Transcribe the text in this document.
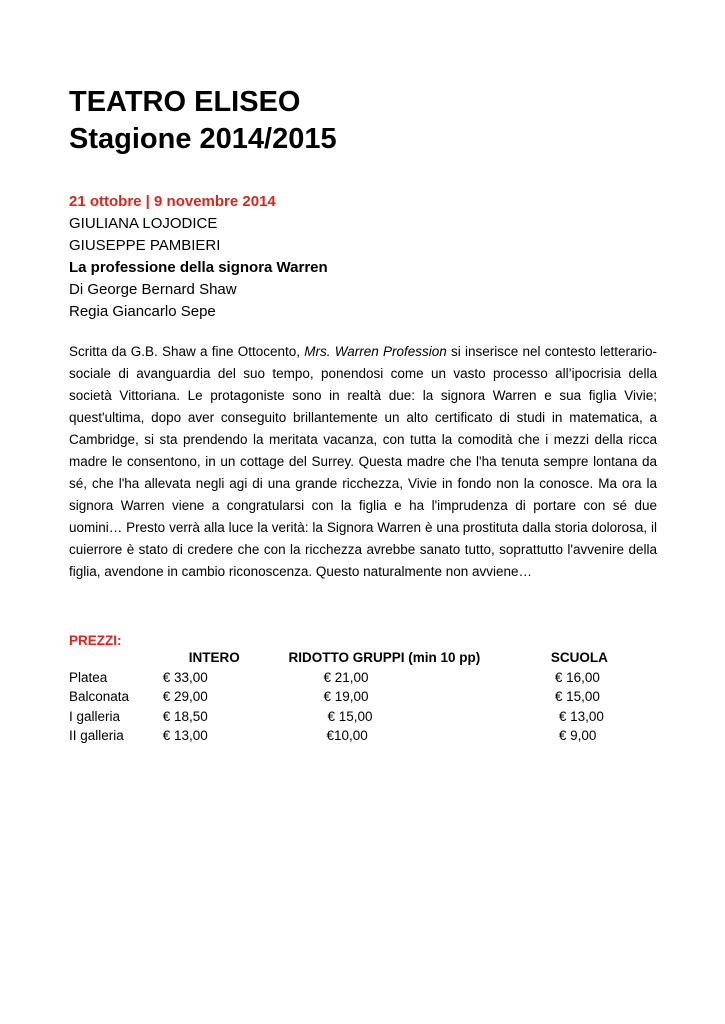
TEATRO ELISEO
Stagione 2014/2015
21 ottobre | 9 novembre 2014
GIULIANA LOJODICE
GIUSEPPE PAMBIERI
La professione della signora Warren
Di George Bernard Shaw
Regia Giancarlo Sepe

Scritta da G.B. Shaw a fine Ottocento, Mrs. Warren Profession si inserisce nel contesto letterario-sociale di avanguardia del suo tempo, ponendosi come un vasto processo all’ipocrisia della società Vittoriana. Le protagoniste sono in realtà due: la signora Warren e sua figlia Vivie; quest'ultima, dopo aver conseguito brillantemente un alto certificato di studi in matematica, a Cambridge, si sta prendendo la meritata vacanza, con tutta la comodità che i mezzi della ricca madre le consentono, in un cottage del Surrey. Questa madre che l'ha tenuta sempre lontana da sé, che l'ha allevata negli agi di una grande ricchezza, Vivie in fondo non la conosce. Ma ora la signora Warren viene a congratularsi con la figlia e ha l'imprudenza di portare con sé due uomini… Presto verrà alla luce la verità: la Signora Warren è una prostituta dalla storia dolorosa, il cuierrore è stato di credere che con la ricchezza avrebbe sanato tutto, soprattutto l'avvenire della figlia, avendone in cambio riconoscenza. Questo naturalmente non avviene…

PREZZI:
	INTERO	RIDOTTO GRUPPI (min 10 pp)	SCUOLA
Platea	€ 33,00	€ 21,00	€ 16,00
Balconata	€ 29,00	€ 19,00	€ 15,00
I galleria	€ 18,50	€ 15,00	€ 13,00
II galleria	€ 13,00	€10,00	€ 9,00
